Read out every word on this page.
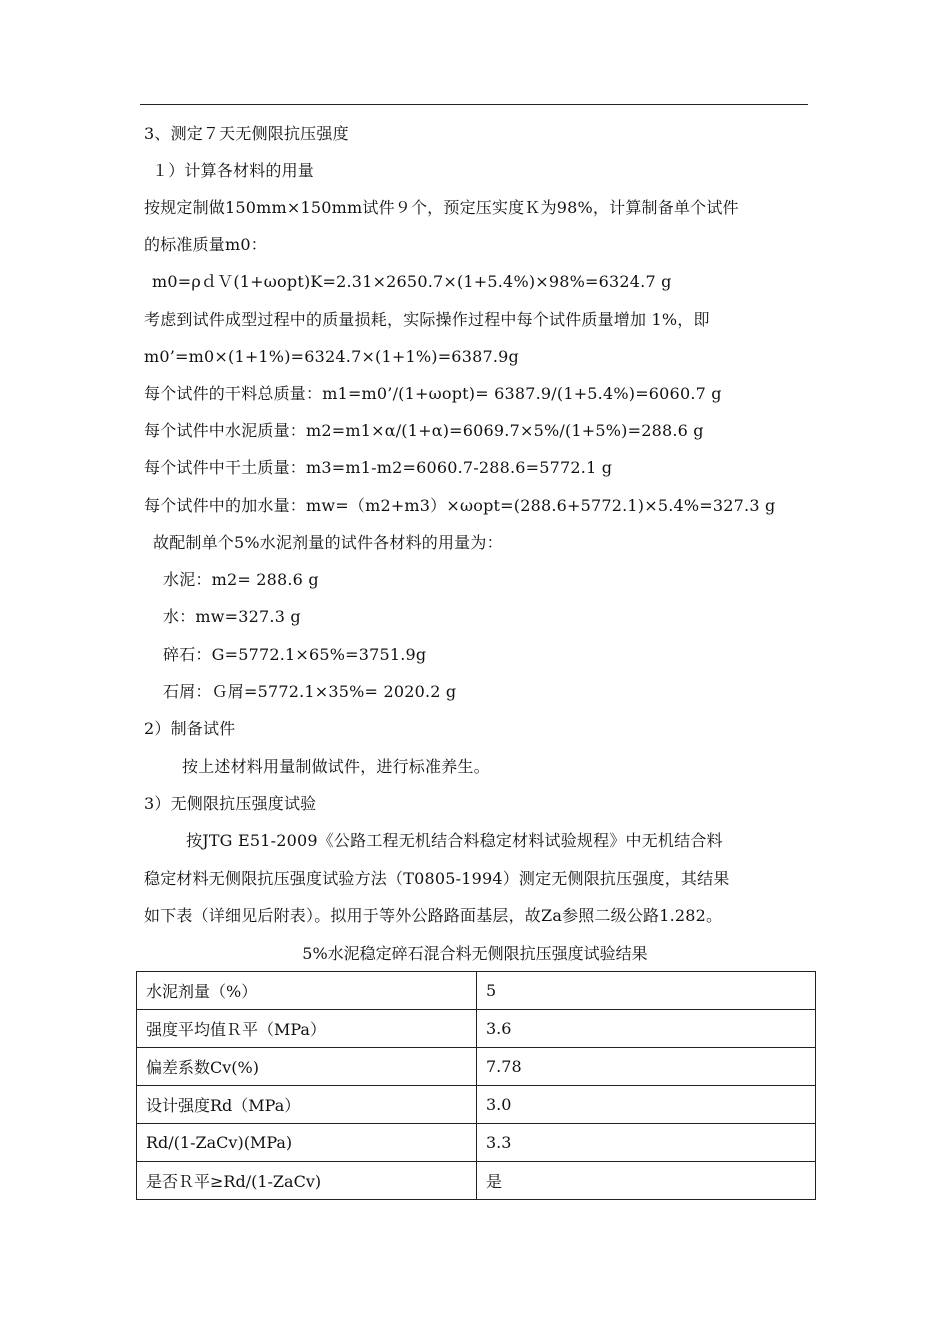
3、测定７天无侧限抗压强度
１）计算各材料的用量
按规定制做150mm×150mm试件９个，预定压实度Ｋ为98%，计算制备单个试件
的标准质量m0：
m0=ρｄＶ(1+ωopt)K=2.31×2650.7×(1+5.4%)×98%=6324.7 g
考虑到试件成型过程中的质量损耗，实际操作过程中每个试件质量增加 1%，即
m0’=m0×(1+1%)=6324.7×(1+1%)=6387.9g
每个试件的干料总质量：m1=m0’/(1+ωopt)= 6387.9/(1+5.4%)=6060.7 g
每个试件中水泥质量：m2=m1×α/(1+α)=6069.7×5%/(1+5%)=288.6 g
每个试件中干土质量：m3=m1-m2=6060.7-288.6=5772.1 g
每个试件中的加水量：mw=（m2+m3）×ωopt=(288.6+5772.1)×5.4%=327.3 g
故配制单个5%水泥剂量的试件各材料的用量为：
水泥：m2= 288.6 g
水：mw=327.3 g
碎石：G=5772.1×65%=3751.9g
石屑：Ｇ屑=5772.1×35%= 2020.2 g
2）制备试件
按上述材料用量制做试件，进行标准养生。
3）无侧限抗压强度试验
按JTG E51-2009《公路工程无机结合料稳定材料试验规程》中无机结合料
稳定材料无侧限抗压强度试验方法（T0805-1994）测定无侧限抗压强度，其结果
如下表（详细见后附表）。拟用于等外公路路面基层，故Za参照二级公路1.282。
5%水泥稳定碎石混合料无侧限抗压强度试验结果
水泥剂量（%）	5
强度平均值Ｒ平（MPa）	3.6
偏差系数Cv(%)	7.78
设计强度Rd（MPa）	3.0
Rd/(1-ZaCv)(MPa)	3.3
是否Ｒ平≥Rd/(1-ZaCv)	是
